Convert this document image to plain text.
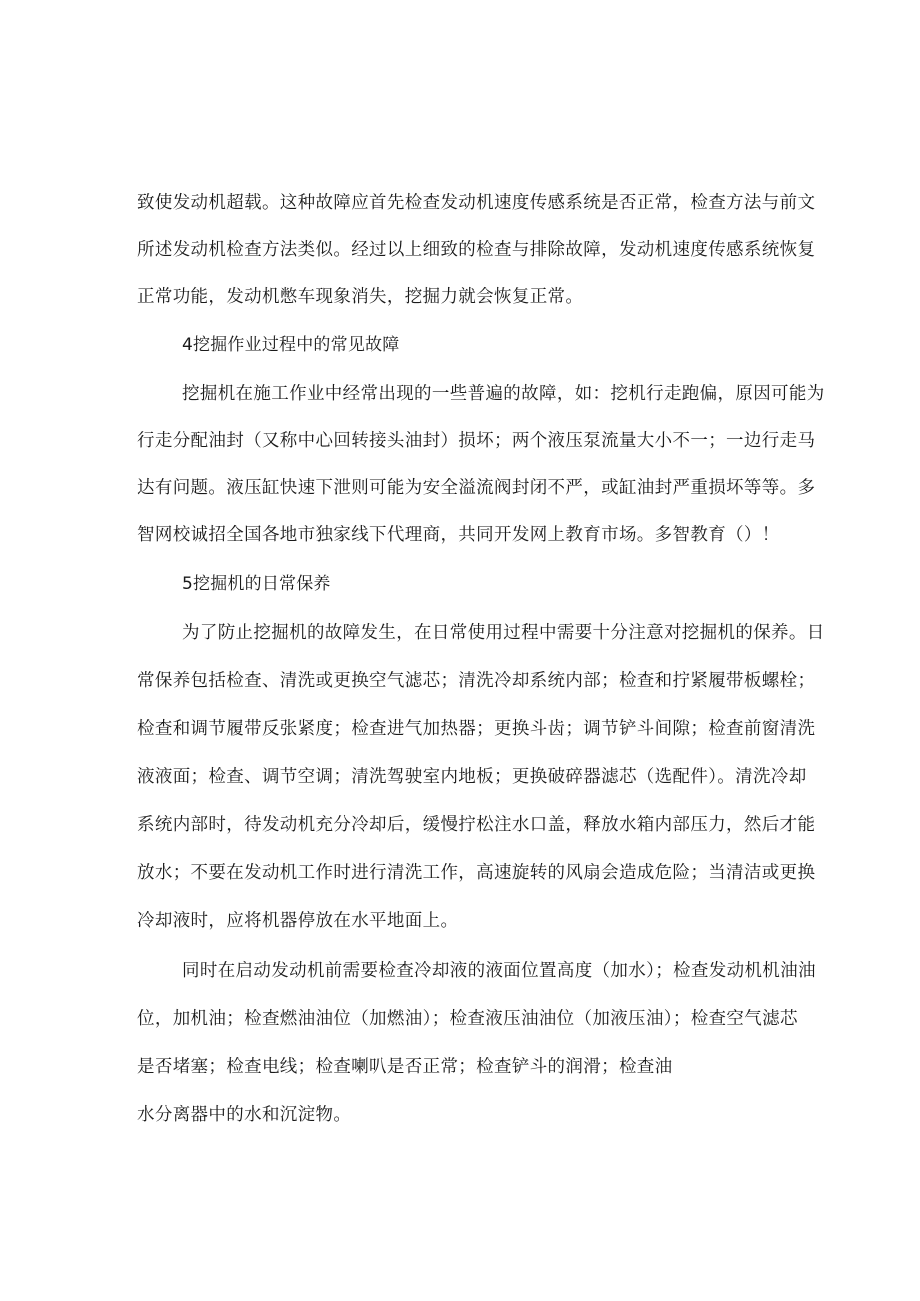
致使发动机超载。这种故障应首先检查发动机速度传感系统是否正常，检查方法与前文

所述发动机检查方法类似。经过以上细致的检查与排除故障，发动机速度传感系统恢复

正常功能，发动机憋车现象消失，挖掘力就会恢复正常。

4挖掘作业过程中的常见故障

挖掘机在施工作业中经常出现的一些普遍的故障，如：挖机行走跑偏，原因可能为

行走分配油封（又称中心回转接头油封）损坏；两个液压泵流量大小不一；一边行走马

达有问题。液压缸快速下泄则可能为安全溢流阀封闭不严，或缸油封严重损坏等等。多

智网校诚招全国各地市独家线下代理商，共同开发网上教育市场。多智教育（）！

5挖掘机的日常保养

为了防止挖掘机的故障发生，在日常使用过程中需要十分注意对挖掘机的保养。日

常保养包括检查、清洗或更换空气滤芯；清洗冷却系统内部；检查和拧紧履带板螺栓；

检查和调节履带反张紧度；检查进气加热器；更换斗齿；调节铲斗间隙；检查前窗清洗

液液面；检查、调节空调；清洗驾驶室内地板；更换破碎器滤芯（选配件）。清洗冷却

系统内部时，待发动机充分冷却后，缓慢拧松注水口盖，释放水箱内部压力，然后才能

放水；不要在发动机工作时进行清洗工作，高速旋转的风扇会造成危险；当清洁或更换

冷却液时，应将机器停放在水平地面上。

同时在启动发动机前需要检查冷却液的液面位置高度（加水）；检查发动机机油油

位，加机油；检查燃油油位（加燃油）；检查液压油油位（加液压油）；检查空气滤芯

是否堵塞；检查电线；检查喇叭是否正常；检查铲斗的润滑；检查油

水分离器中的水和沉淀物。
